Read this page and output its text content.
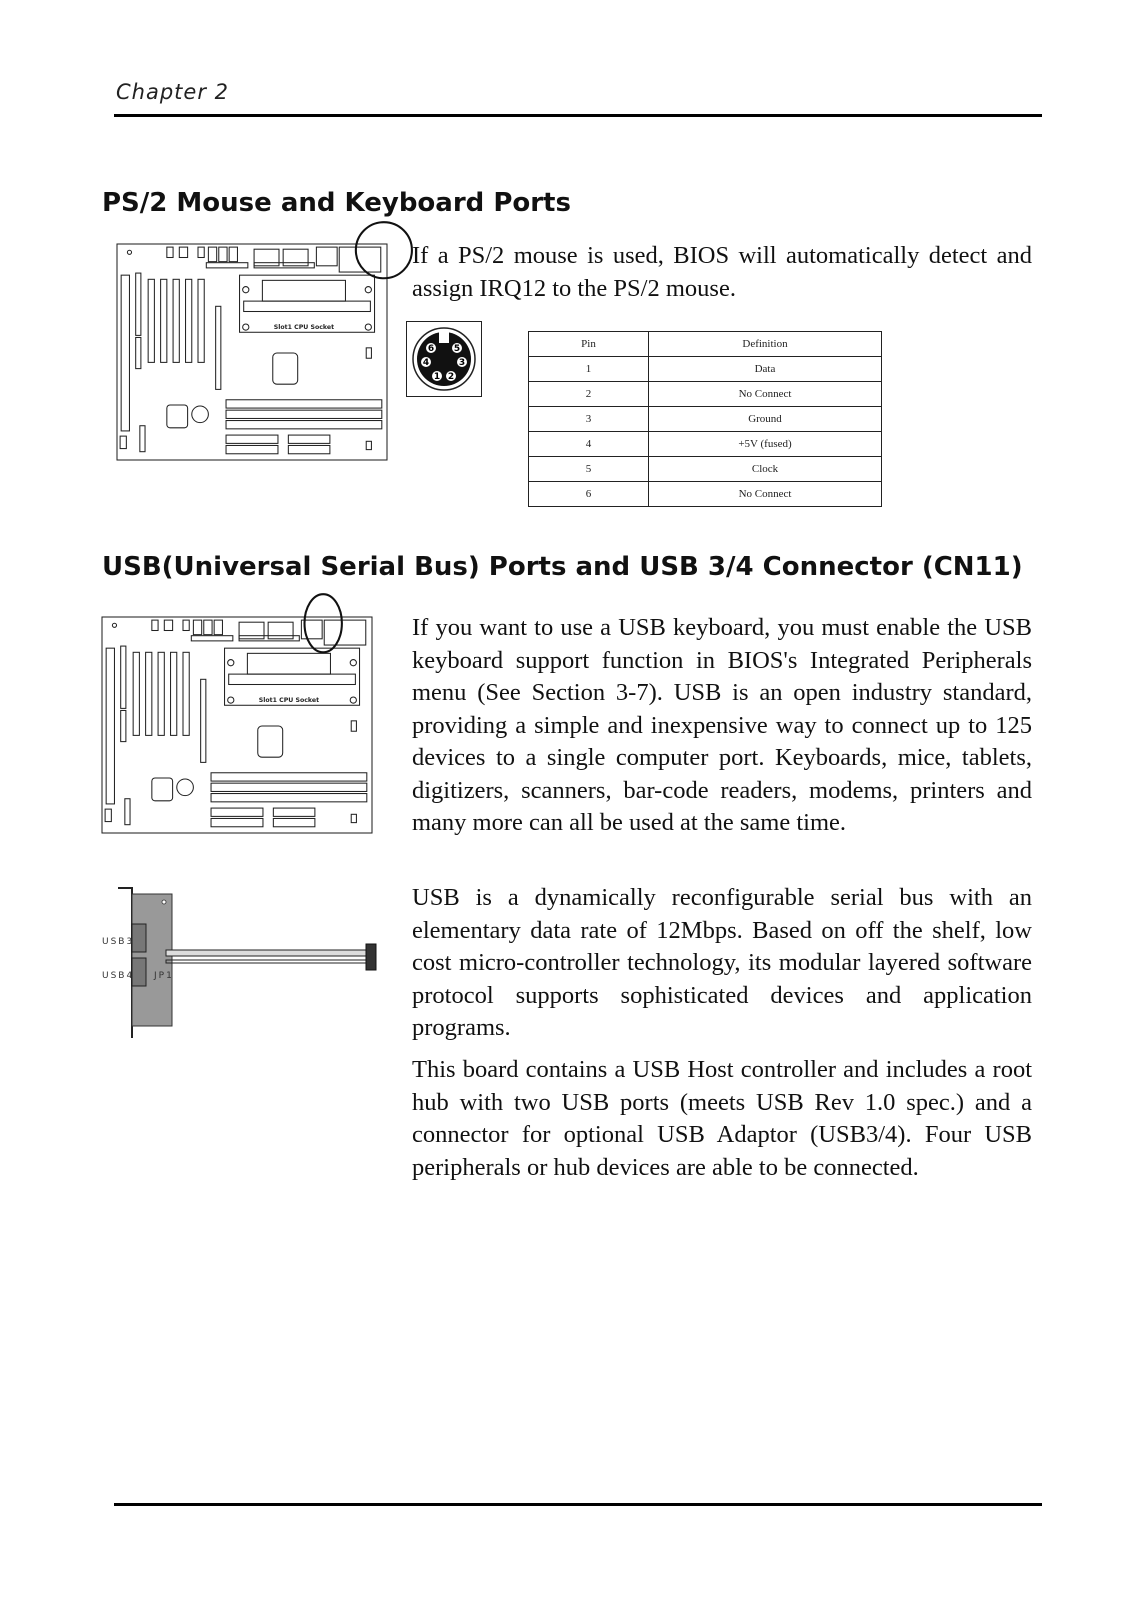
Chapter 2
PS/2 Mouse and Keyboard Ports
Slot1 CPU Socket
If a PS/2 mouse is used, BIOS will automatically detect and assign IRQ12 to the PS/2 mouse.
6 5
4	3
1 2
Pin	Definition
1	Data
2	No Connect
3	Ground
4	+5V (fused)
5	Clock
6	No Connect
USB(Universal Serial Bus) Ports and USB 3/4 Connector (CN11)
Slot1 CPU Socket
USB3
USB4 JP1
If you want to use a USB keyboard, you must enable the USB keyboard support function in BIOS's Integrated Peripherals menu (See Section 3-7). USB is an open industry standard, providing a simple and inexpensive way to connect up to 125 devices to a single computer port. Keyboards, mice, tablets, digitizers, scanners, bar-code readers, modems, printers and many more can all be used at the same time.
USB is a dynamically reconfigurable serial bus with an elementary data rate of 12Mbps. Based on off the shelf, low cost micro-controller technology, its modular layered software protocol supports sophisticated devices and application programs.
This board contains a USB Host controller and includes a root hub with two USB ports (meets USB Rev 1.0 spec.) and a connector for optional USB Adaptor (USB3/4). Four USB peripherals or hub devices are able to be connected.
